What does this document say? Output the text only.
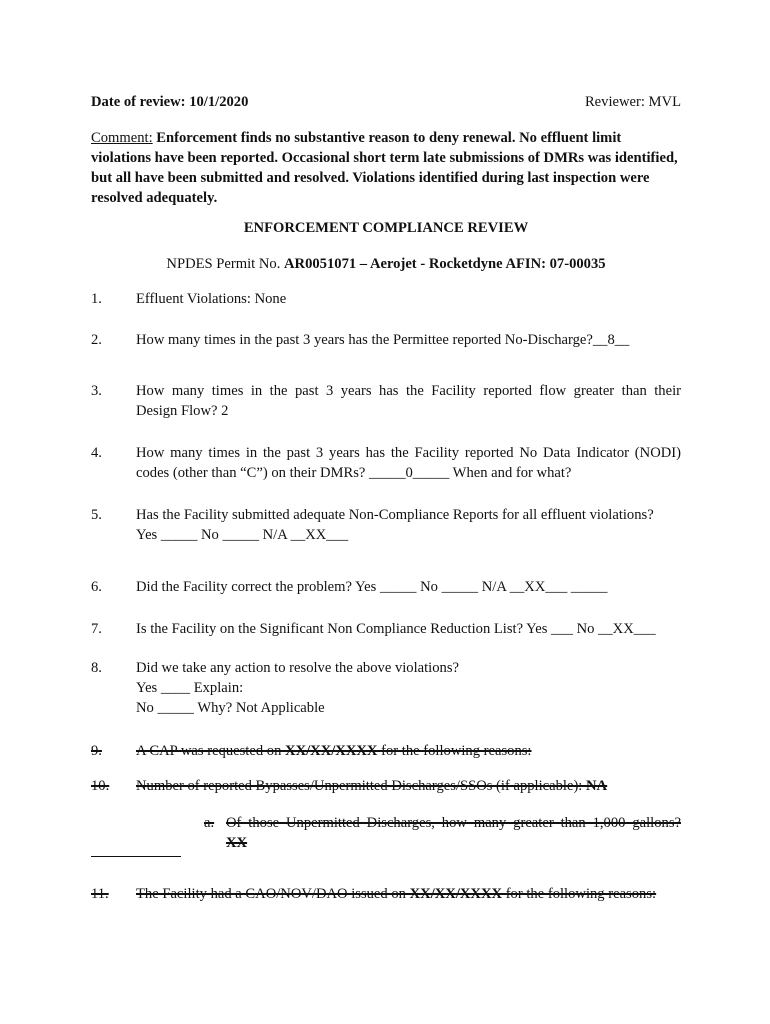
Date of review: 10/1/2020	Reviewer: MVL
Comment: Enforcement finds no substantive reason to deny renewal. No effluent limit violations have been reported. Occasional short term late submissions of DMRs was identified, but all have been submitted and resolved. Violations identified during last inspection were resolved adequately.
ENFORCEMENT COMPLIANCE REVIEW
NPDES Permit No. AR0051071 – Aerojet - Rocketdyne AFIN: 07-00035
1. Effluent Violations: None
2. How many times in the past 3 years has the Permittee reported No-Discharge?__8__
3. How many times in the past 3 years has the Facility reported flow greater than their
Design Flow? 2
4. How many times in the past 3 years has the Facility reported No Data Indicator (NODI)
codes (other than “C”) on their DMRs? _____0_____ When and for what?
5. Has the Facility submitted adequate Non-Compliance Reports for all effluent violations?
Yes _____ No _____ N/A __XX___
6. Did the Facility correct the problem? Yes _____ No _____ N/A __XX___ _____
7. Is the Facility on the Significant Non Compliance Reduction List? Yes ___ No __XX___
8. Did we take any action to resolve the above violations?
Yes ____ Explain:
No _____ Why? Not Applicable
9. A CAP was requested on XX/XX/XXXX for the following reasons:
10. Number of reported Bypasses/Unpermitted Discharges/SSOs (if applicable): NA
a. Of those Unpermitted Discharges, how many greater than 1,000 gallons?
XX
11. The Facility had a CAO/NOV/DAO issued on XX/XX/XXXX for the following reasons:
